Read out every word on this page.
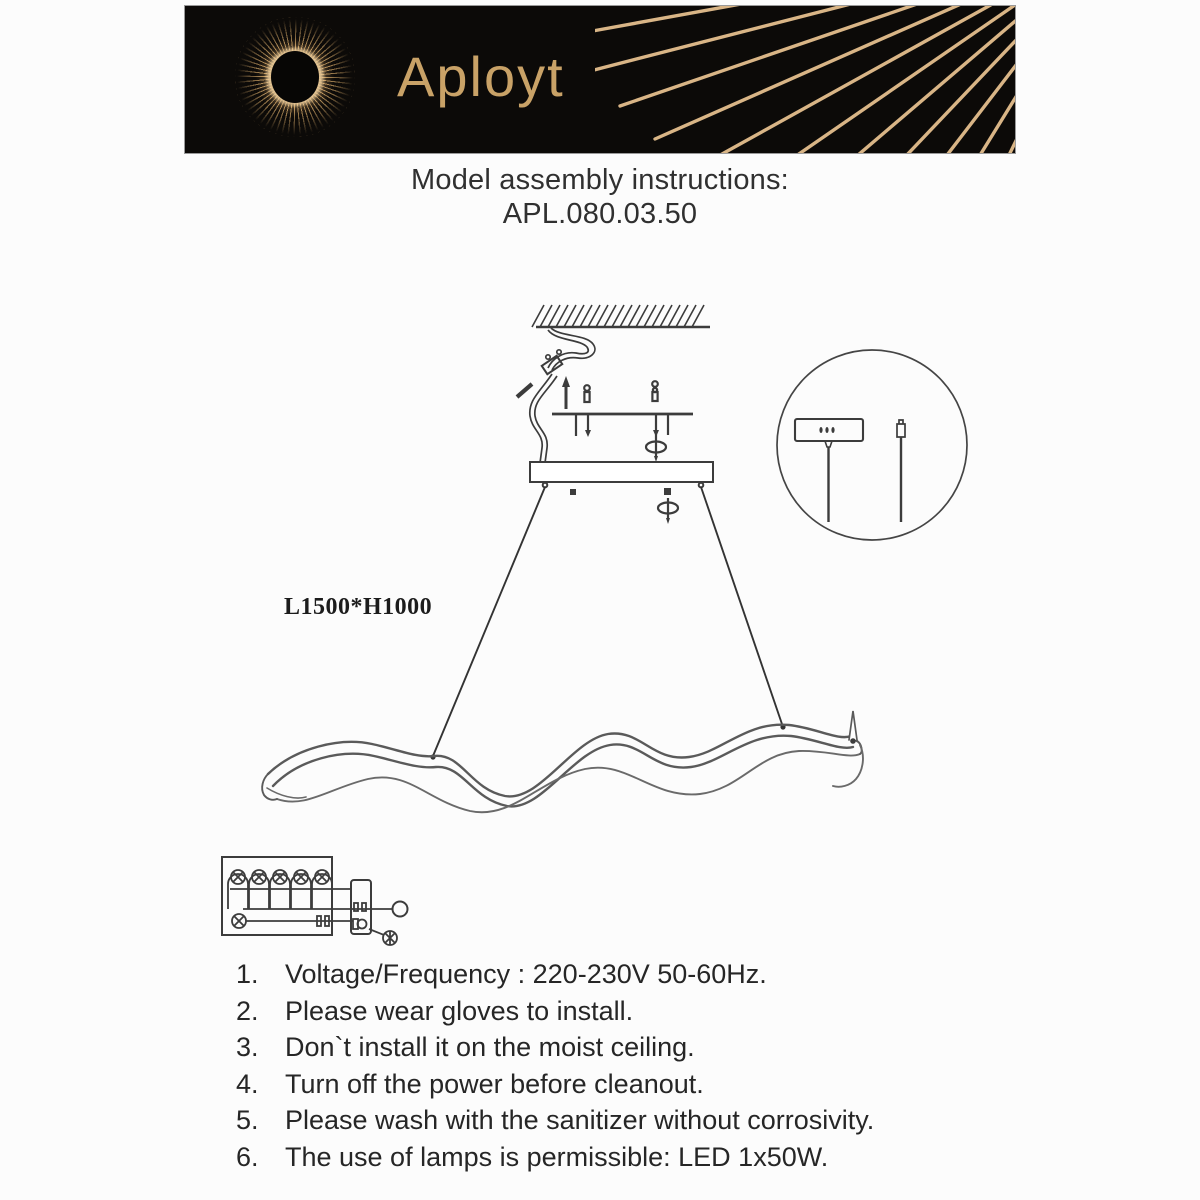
Aployt
Model assembly instructions:
APL.080.03.50
L1500*H1000
1. Voltage/Frequency : 220-230V 50-60Hz.
2. Please wear gloves to install.
3. Don`t install it on the moist ceiling.
4. Turn off the power before cleanout.
5. Please wash with the sanitizer without corrosivity.
6. The use of lamps is permissible: LED 1x50W.
